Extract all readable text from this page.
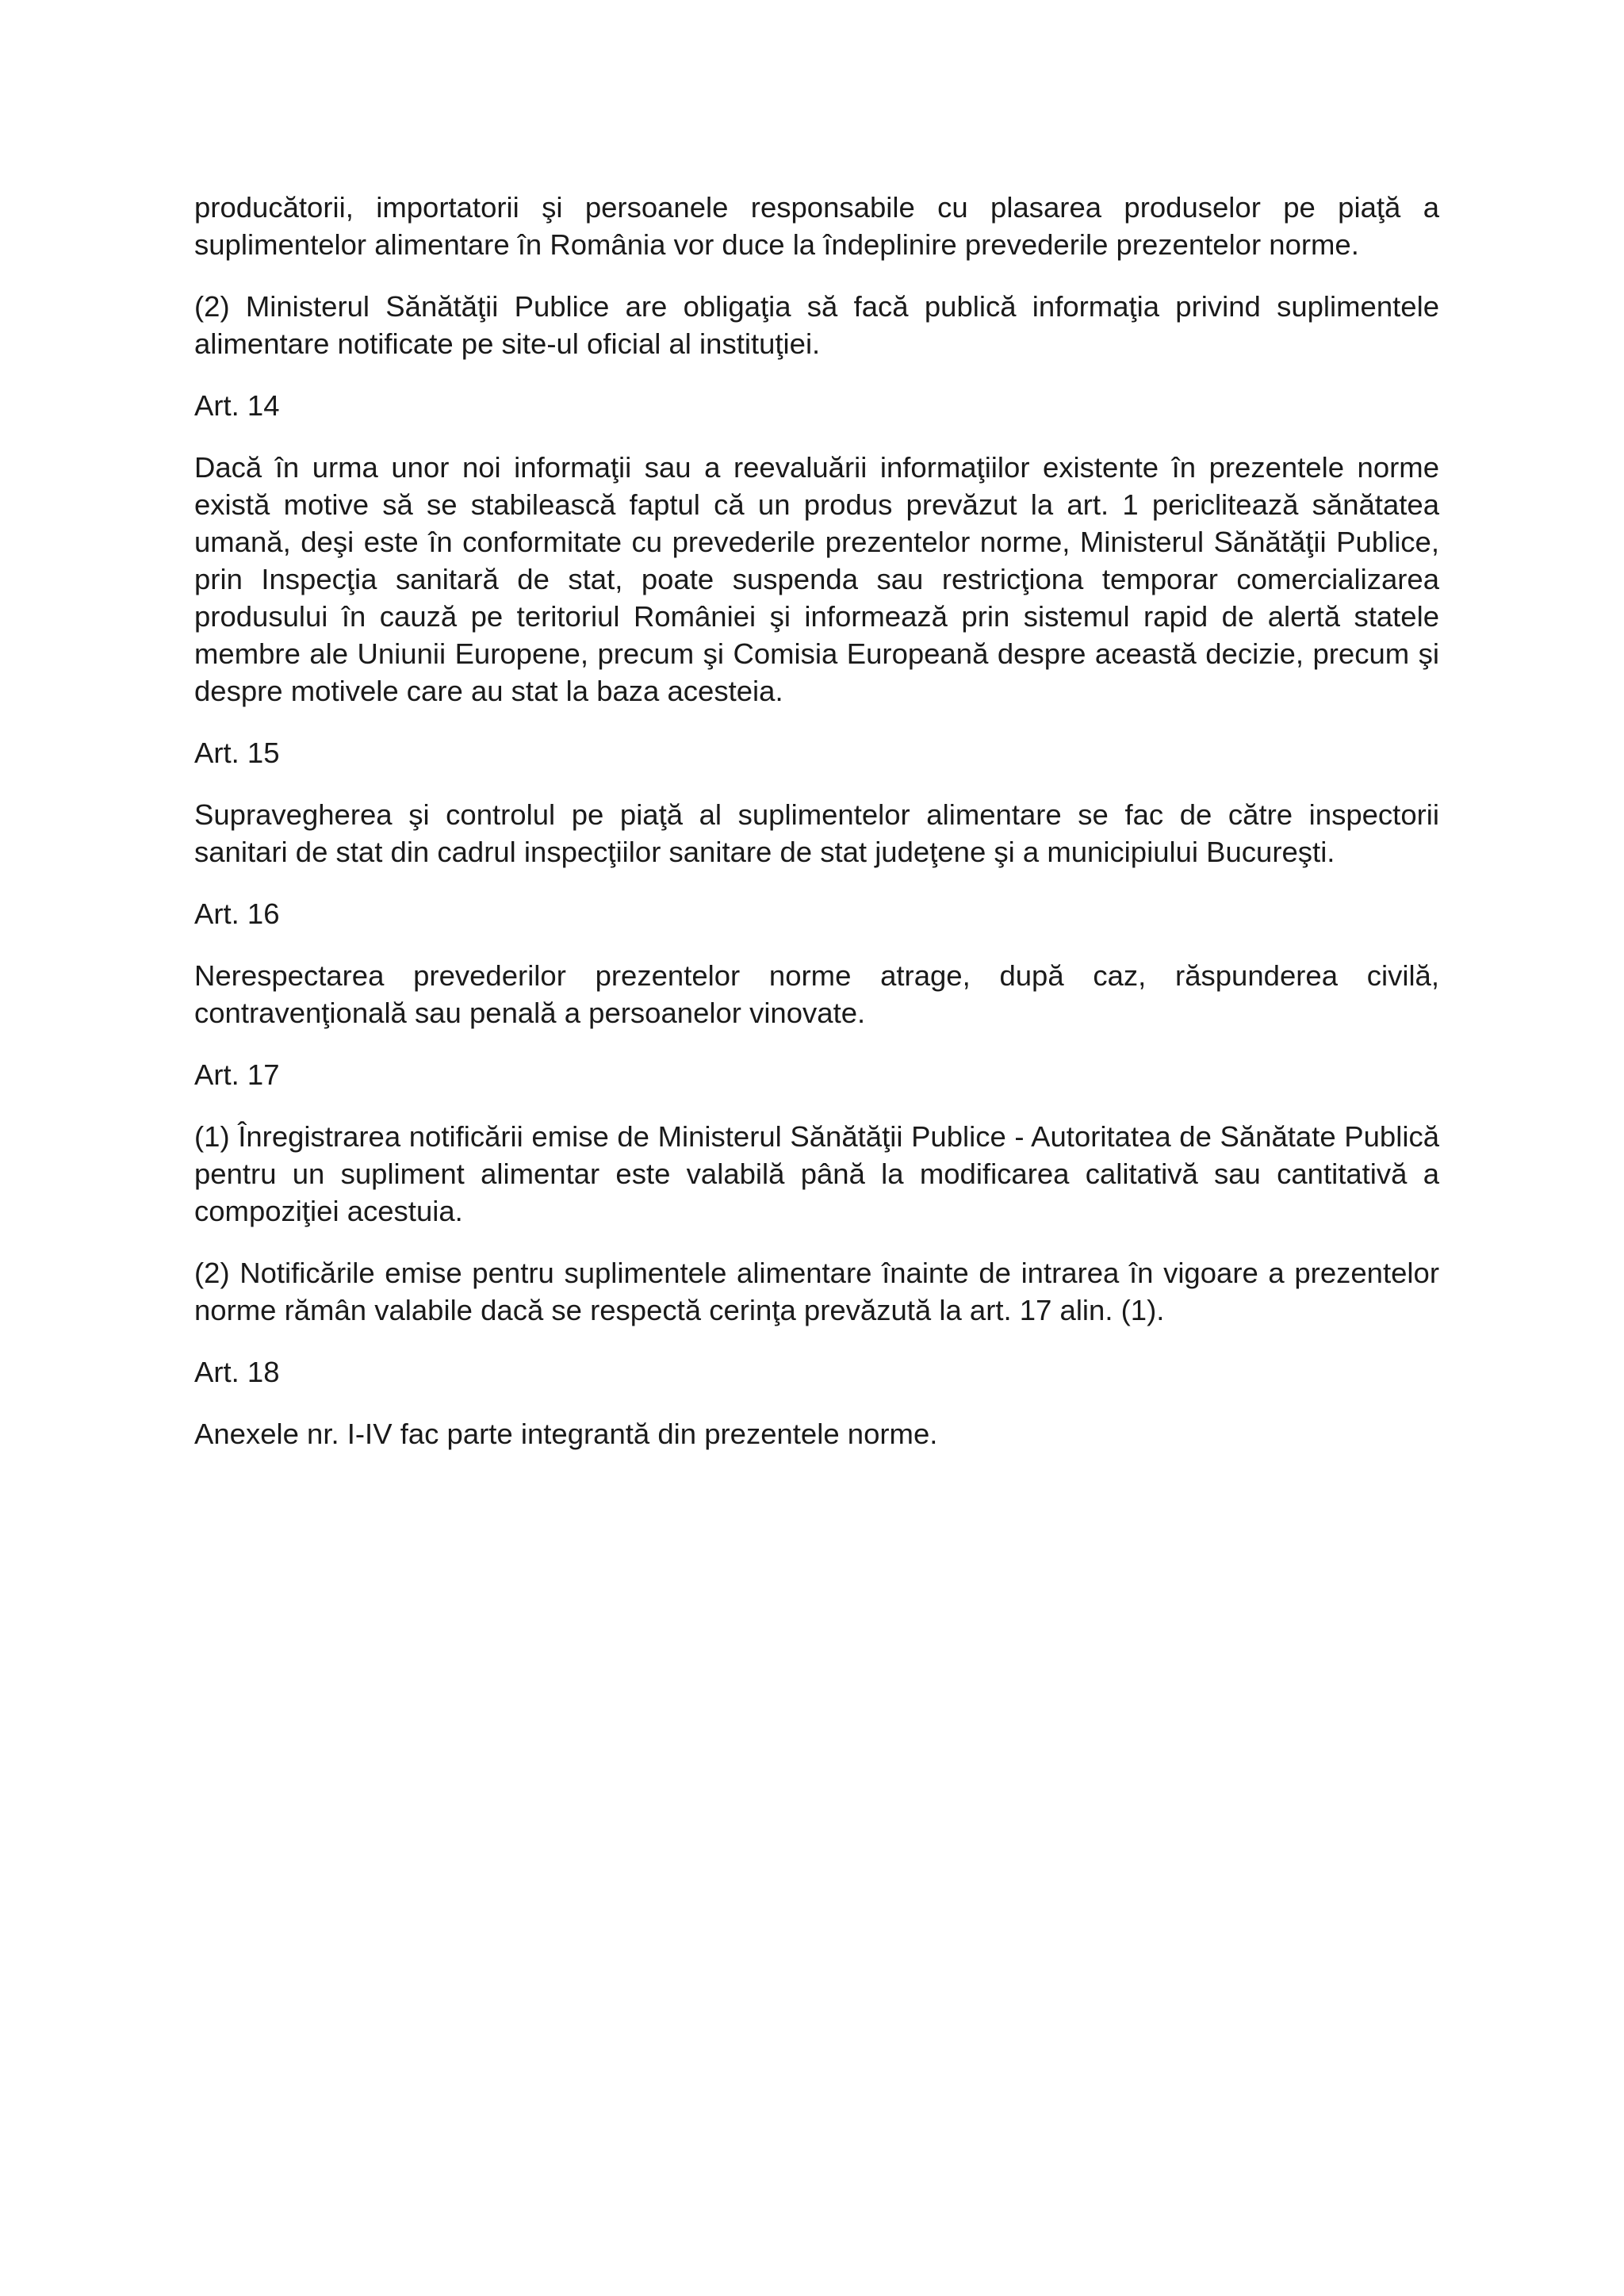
producătorii, importatorii şi persoanele responsabile cu plasarea produselor pe piaţă a suplimentelor alimentare în România vor duce la îndeplinire prevederile prezentelor norme.

(2) Ministerul Sănătăţii Publice are obligaţia să facă publică informaţia privind suplimentele alimentare notificate pe site-ul oficial al instituţiei.

Art. 14

Dacă în urma unor noi informaţii sau a reevaluării informaţiilor existente în prezentele norme există motive să se stabilească faptul că un produs prevăzut la art. 1 periclitează sănătatea umană, deşi este în conformitate cu prevederile prezentelor norme, Ministerul Sănătăţii Publice, prin Inspecţia sanitară de stat, poate suspenda sau restricţiona temporar comercializarea produsului în cauză pe teritoriul României şi informează prin sistemul rapid de alertă statele membre ale Uniunii Europene, precum şi Comisia Europeană despre această decizie, precum şi despre motivele care au stat la baza acesteia.

Art. 15

Supravegherea şi controlul pe piaţă al suplimentelor alimentare se fac de către inspectorii sanitari de stat din cadrul inspecţiilor sanitare de stat judeţene şi a municipiului Bucureşti.

Art. 16

Nerespectarea prevederilor prezentelor norme atrage, după caz, răspunderea civilă, contravenţională sau penală a persoanelor vinovate.

Art. 17

(1) Înregistrarea notificării emise de Ministerul Sănătăţii Publice - Autoritatea de Sănătate Publică pentru un supliment alimentar este valabilă până la modificarea calitativă sau cantitativă a compoziţiei acestuia.

(2) Notificările emise pentru suplimentele alimentare înainte de intrarea în vigoare a prezentelor norme rămân valabile dacă se respectă cerinţa prevăzută la art. 17 alin. (1).

Art. 18

Anexele nr. I-IV fac parte integrantă din prezentele norme.
